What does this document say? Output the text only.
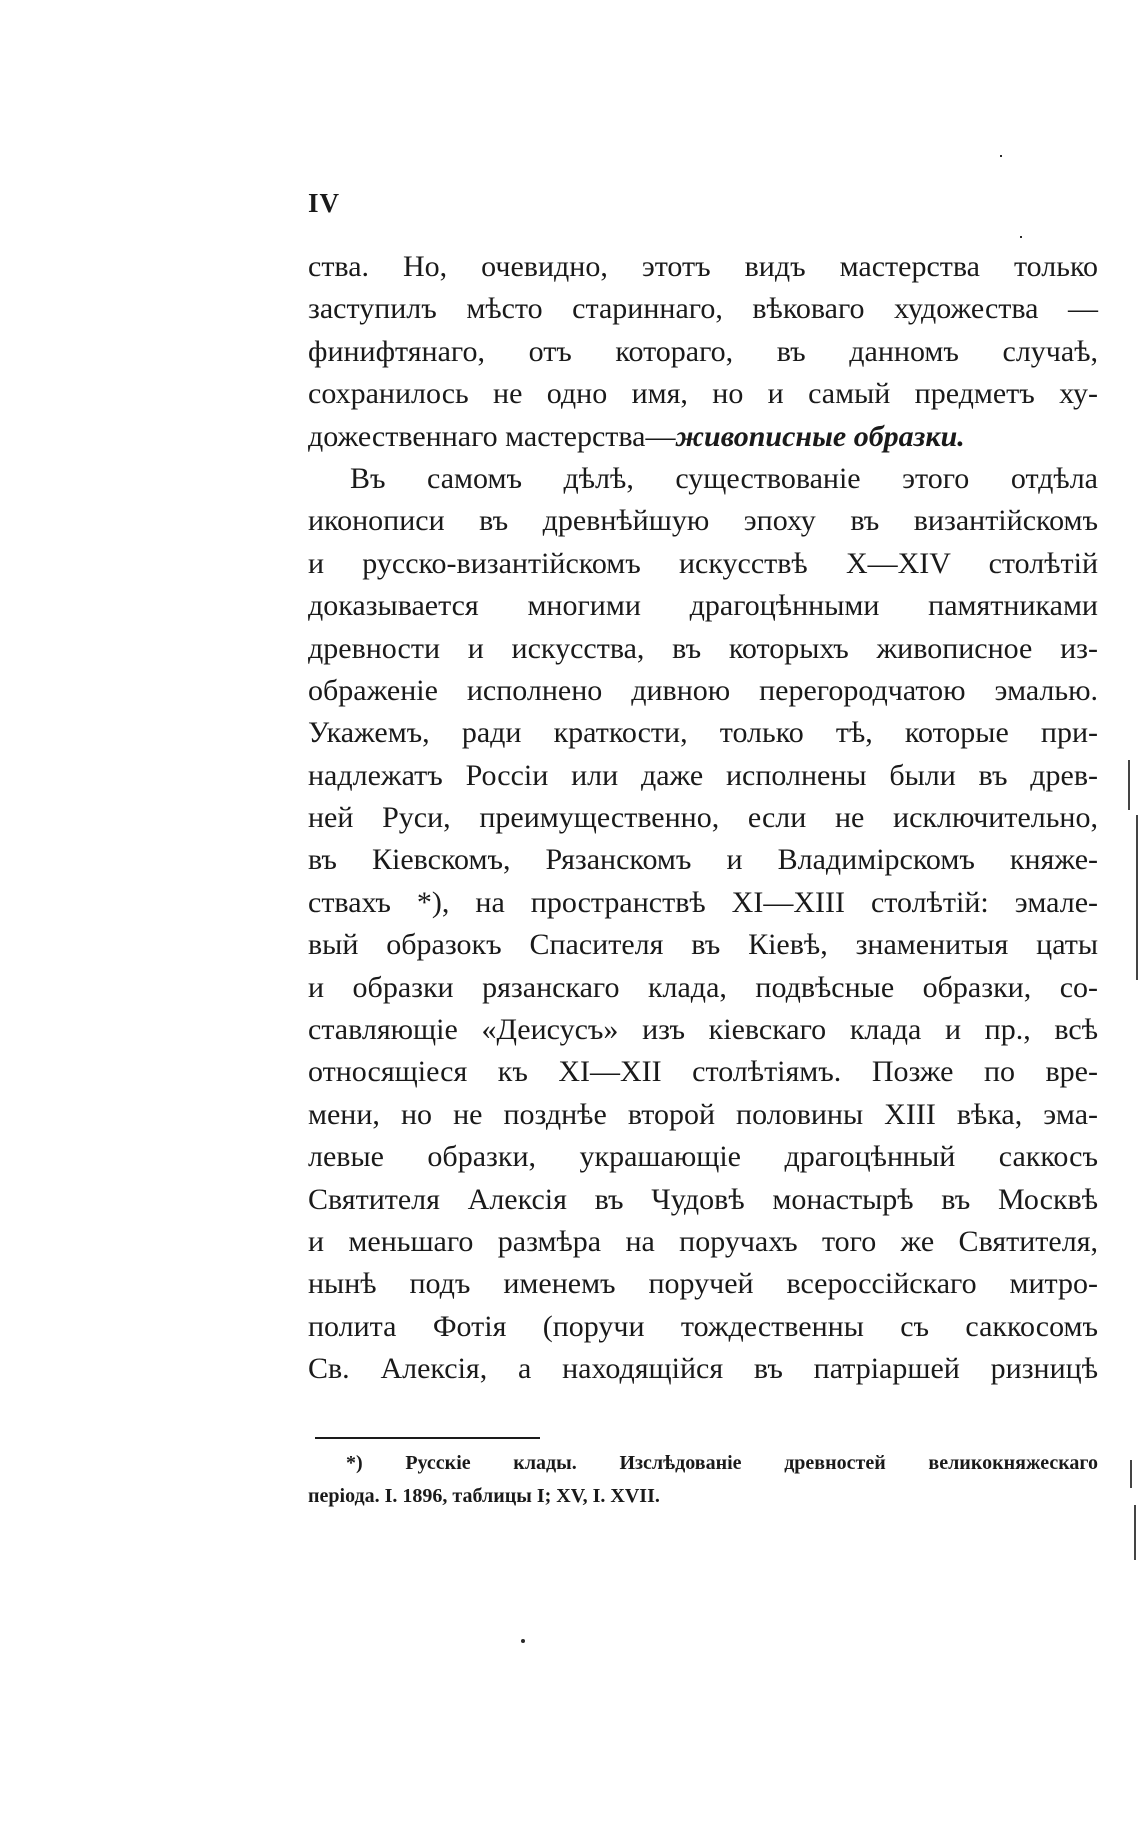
IV
ства. Но, очевидно, этотъ видъ мастерства только
заступилъ мѣсто стариннаго, вѣковаго художества —
финифтянаго, отъ котораго, въ данномъ случаѣ,
сохранилось не одно имя, но и самый предметъ ху-
дожественнаго мастерства—живописные образки.
Въ самомъ дѣлѣ, существованіе этого отдѣла
иконописи въ древнѣйшую эпоху въ византійскомъ
и русско-византійскомъ искусствѣ X—XIV столѣтій
доказывается многими драгоцѣнными памятниками
древности и искусства, въ которыхъ живописное из-
ображеніе исполнено дивною перегородчатою эмалью.
Укажемъ, ради краткости, только тѣ, которые при-
надлежатъ Россіи или даже исполнены были въ древ-
ней Руси, преимущественно, если не исключительно,
въ Кіевскомъ, Рязанскомъ и Владимірскомъ княже-
ствахъ *), на пространствѣ XI—XIII столѣтій: эмале-
вый образокъ Спасителя въ Кіевѣ, знаменитыя цаты
и образки рязанскаго клада, подвѣсные образки, со-
ставляющіе «Деисусъ» изъ кіевскаго клада и пр., всѣ
относящіеся къ XI—XII столѣтіямъ. Позже по вре-
мени, но не позднѣе второй половины XIII вѣка, эма-
левые образки, украшающіе драгоцѣнный саккосъ
Святителя Алексія въ Чудовѣ монастырѣ въ Москвѣ
и меньшаго размѣра на поручахъ того же Святителя,
нынѣ подъ именемъ поручей всероссійскаго митро-
полита Фотія (поручи тождественны съ саккосомъ
Св. Алексія, а находящійся въ патріаршей ризницѣ
*) Русскіе клады. Изслѣдованіе древностей великокняжескаго
періода. I. 1896, таблицы I; XV, I. XVII.
